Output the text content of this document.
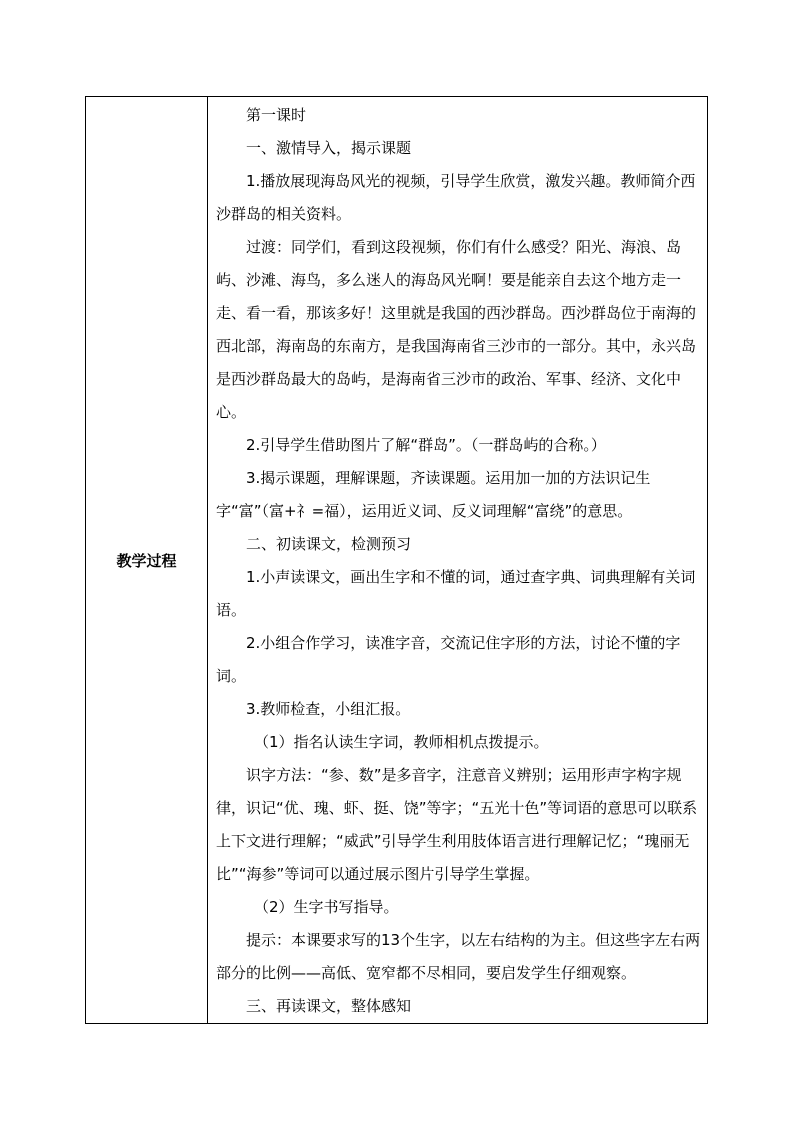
教学过程	

第一课时

一、激情导入，揭示课题

1.播放展现海岛风光的视频，引导学生欣赏，激发兴趣。教师简介西沙群岛的相关资料。

过渡：同学们，看到这段视频，你们有什么感受？阳光、海浪、岛屿、沙滩、海鸟，多么迷人的海岛风光啊！要是能亲自去这个地方走一走、看一看，那该多好！这里就是我国的西沙群岛。西沙群岛位于南海的西北部，海南岛的东南方，是我国海南省三沙市的一部分。其中，永兴岛是西沙群岛最大的岛屿，是海南省三沙市的政治、军事、经济、文化中心。

2.引导学生借助图片了解“群岛”。（一群岛屿的合称。）

3.揭示课题，理解课题，齐读课题。运用加一加的方法识记生字“富”（富+礻=福），运用近义词、反义词理解“富绕”的意思。

二、初读课文，检测预习

1.小声读课文，画出生字和不懂的词，通过查字典、词典理解有关词语。

2.小组合作学习，读准字音，交流记住字形的方法，讨论不懂的字词。

3.教师检查，小组汇报。

（1）指名认读生字词，教师相机点拨提示。

识字方法：“参、数”是多音字，注意音义辨别；运用形声字构字规律，识记“优、瑰、虾、挺、饶”等字；“五光十色”等词语的意思可以联系上下文进行理解；“威武”引导学生利用肢体语言进行理解记忆；“瑰丽无比”“海参”等词可以通过展示图片引导学生掌握。

（2）生字书写指导。

提示：本课要求写的13个生字，以左右结构的为主。但这些字左右两部分的比例——高低、宽窄都不尽相同，要启发学生仔细观察。

三、再读课文，整体感知
